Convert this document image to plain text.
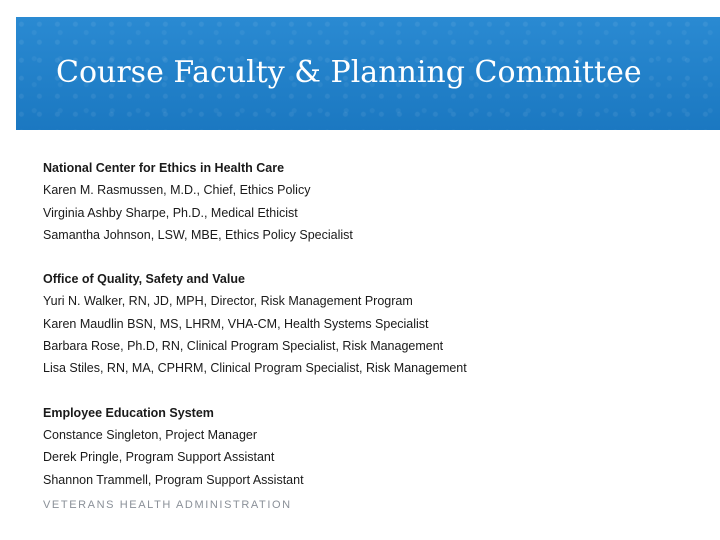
Course Faculty & Planning Committee
National Center for Ethics in Health Care
Karen M. Rasmussen, M.D., Chief, Ethics Policy
Virginia Ashby Sharpe, Ph.D., Medical Ethicist
Samantha Johnson, LSW, MBE, Ethics Policy Specialist
Office of Quality, Safety and Value
Yuri N. Walker, RN, JD, MPH, Director, Risk Management Program
Karen Maudlin BSN, MS, LHRM, VHA-CM, Health Systems Specialist
Barbara Rose, Ph.D, RN, Clinical Program Specialist, Risk Management
Lisa Stiles, RN, MA, CPHRM, Clinical Program Specialist, Risk Management
Employee Education System
Constance Singleton, Project Manager
Derek Pringle, Program Support Assistant
Shannon Trammell, Program Support Assistant
VETERANS HEALTH ADMINISTRATION
